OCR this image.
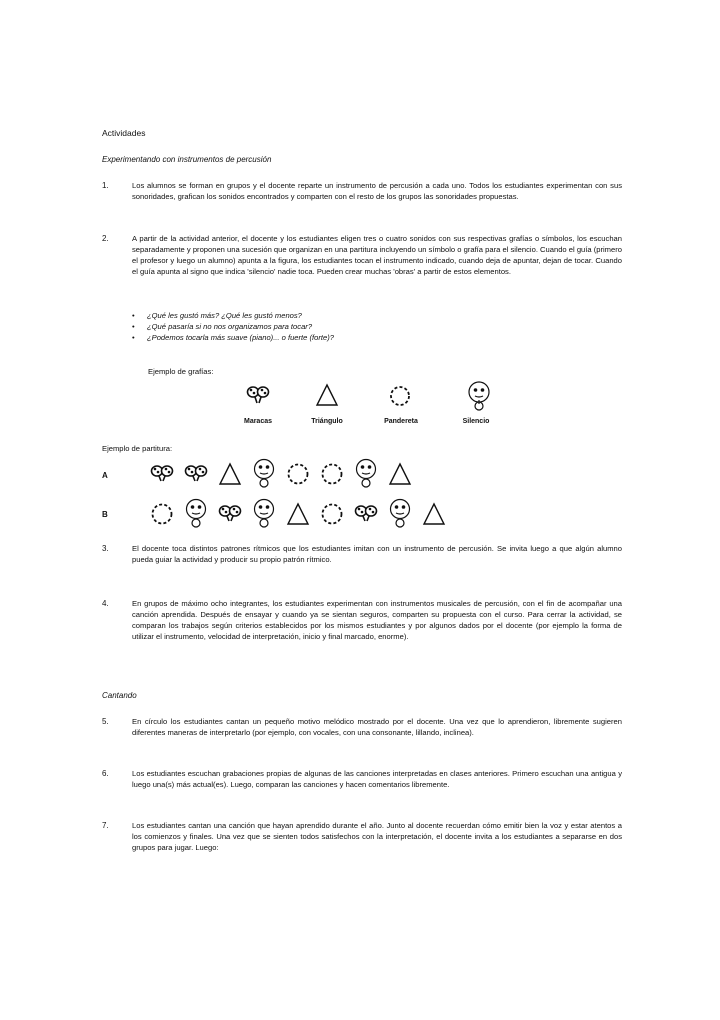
Actividades

Experimentando con instrumentos de percusión

1.	Los alumnos se forman en grupos y el docente reparte un instrumento de percusión a cada uno. Todos los estudiantes experimentan con sus sonoridades, grafican los sonidos encontrados y comparten con el resto de los grupos las sonoridades propuestas.

2.	A partir de la actividad anterior, el docente y los estudiantes eligen tres o cuatro sonidos con sus respectivas grafías o símbolos, los escuchan separadamente y proponen una sucesión que organizan en una partitura incluyendo un símbolo o grafía para el silencio. Cuando el guía (primero el profesor y luego un alumno) apunta a la figura, los estudiantes tocan el instrumento indicado, cuando deja de apuntar, dejan de tocar. Cuando el guía apunta al signo que indica 'silencio' nadie toca. Pueden crear muchas 'obras' a partir de estos elementos.

• ¿Qué les gustó más? ¿Qué les gustó menos?
• ¿Qué pasaría si no nos organizamos para tocar?
• ¿Podemos tocarla más suave (piano)... o fuerte (forte)?

Ejemplo de grafías:

Maracas	Triángulo	Pandereta	Silencio

Ejemplo de partitura:

A
B
3.	El docente toca distintos patrones rítmicos que los estudiantes imitan con un instrumento de percusión. Se invita luego a que algún alumno pueda guiar la actividad y producir su propio patrón rítmico.

4.	En grupos de máximo ocho integrantes, los estudiantes experimentan con instrumentos musicales de percusión, con el fin de acompañar una canción aprendida. Después de ensayar y cuando ya se sientan seguros, comparten su propuesta con el curso. Para cerrar la actividad, se comparan los trabajos según criterios establecidos por los mismos estudiantes y por algunos dados por el docente (por ejemplo la forma de utilizar el instrumento, velocidad de interpretación, inicio y final marcado, enorme).

Cantando

5.	En círculo los estudiantes cantan un pequeño motivo melódico mostrado por el docente. Una vez que lo aprendieron, libremente sugieren diferentes maneras de interpretarlo (por ejemplo, con vocales, con una consonante, lillando, inclinea).

6.	Los estudiantes escuchan grabaciones propias de algunas de las canciones interpretadas en clases anteriores. Primero escuchan una antigua y luego una(s) más actual(es). Luego, comparan las canciones y hacen comentarios libremente.

7.	Los estudiantes cantan una canción que hayan aprendido durante el año. Junto al docente recuerdan cómo emitir bien la voz y estar atentos a los comienzos y finales. Una vez que se sienten todos satisfechos con la interpretación, el docente invita a los estudiantes a separarse en dos grupos para jugar. Luego:
